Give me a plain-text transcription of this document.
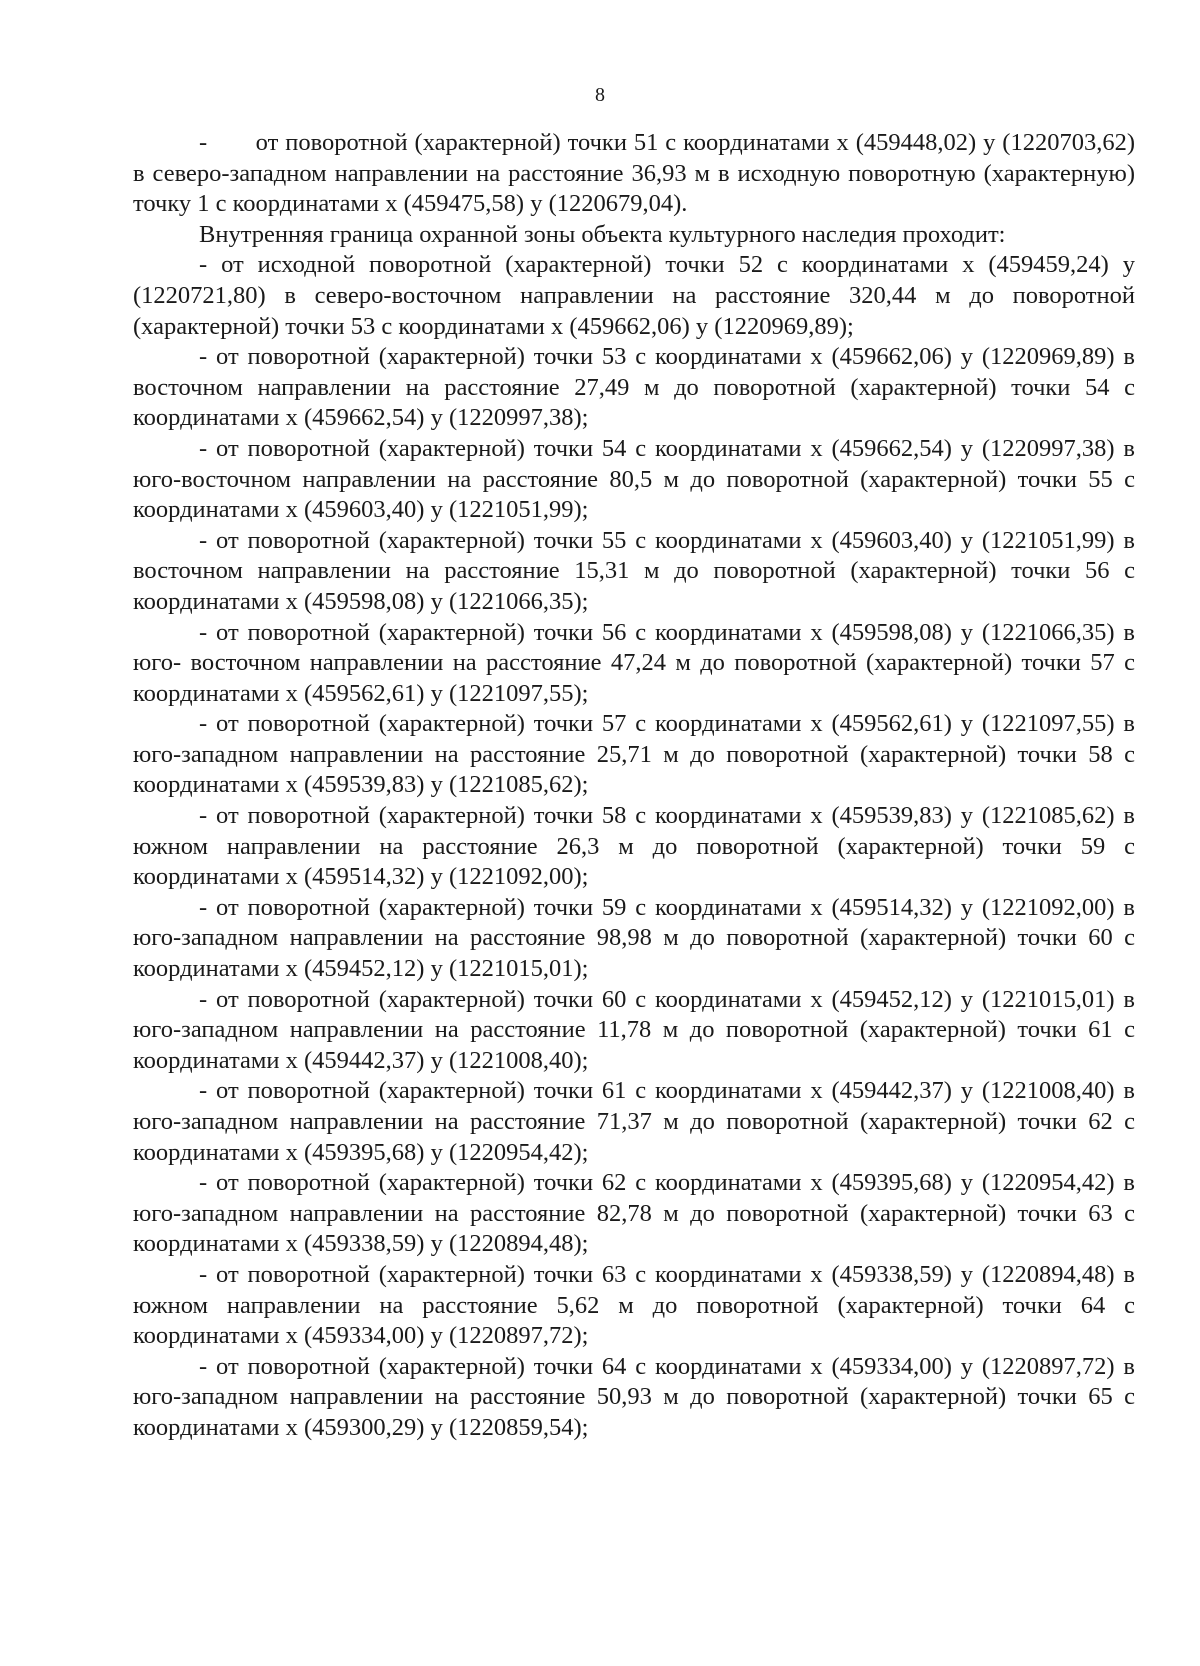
8

-       от поворотной (характерной) точки 51 с координатами х (459448,02) у (1220703,62) в северо-западном направлении на расстояние 36,93 м в исходную поворотную (характерную) точку 1 с координатами х (459475,58) у (1220679,04).

Внутренняя граница охранной зоны объекта культурного наследия проходит:

- от исходной поворотной (характерной) точки 52 с координатами х (459459,24) у (1220721,80) в северо-восточном направлении на расстояние 320,44 м до поворотной (характерной) точки 53 с координатами х (459662,06) у (1220969,89);

- от поворотной (характерной) точки 53 с координатами х (459662,06) у (1220969,89) в восточном направлении на расстояние 27,49 м до поворотной (характерной) точки 54 с координатами х (459662,54) у (1220997,38);

- от поворотной (характерной) точки 54 с координатами х (459662,54) у (1220997,38) в юго-восточном направлении на расстояние 80,5 м до поворотной (характерной) точки 55 с координатами х (459603,40) у (1221051,99);

- от поворотной (характерной) точки 55 с координатами х (459603,40) у (1221051,99) в восточном направлении на расстояние 15,31 м до поворотной (характерной) точки 56 с координатами х (459598,08) у (1221066,35);

- от поворотной (характерной) точки 56 с координатами х (459598,08) у (1221066,35) в юго- восточном направлении на расстояние 47,24 м до поворотной (характерной) точки 57 с координатами х (459562,61) у (1221097,55);

- от поворотной (характерной) точки 57 с координатами х (459562,61) у (1221097,55) в юго-западном направлении на расстояние 25,71 м до поворотной (характерной) точки 58 с координатами х (459539,83) у (1221085,62);

- от поворотной (характерной) точки 58 с координатами х (459539,83) у (1221085,62) в южном направлении на расстояние 26,3 м до поворотной (характерной) точки 59 с координатами х (459514,32) у (1221092,00);

- от поворотной (характерной) точки 59 с координатами х (459514,32) у (1221092,00) в юго-западном направлении на расстояние 98,98 м до поворотной (характерной) точки 60 с координатами х (459452,12) у (1221015,01);

- от поворотной (характерной) точки 60 с координатами х (459452,12) у (1221015,01) в юго-западном направлении на расстояние 11,78 м до поворотной (характерной) точки 61 с координатами х (459442,37) у (1221008,40);

- от поворотной (характерной) точки 61 с координатами х (459442,37) у (1221008,40) в юго-западном направлении на расстояние 71,37 м до поворотной (характерной) точки 62 с координатами х (459395,68) у (1220954,42);

- от поворотной (характерной) точки 62 с координатами х (459395,68) у (1220954,42) в юго-западном направлении на расстояние 82,78 м до поворотной (характерной) точки 63 с координатами х (459338,59) у (1220894,48);

- от поворотной (характерной) точки 63 с координатами х (459338,59) у (1220894,48) в южном направлении на расстояние 5,62 м до поворотной (характерной) точки 64 с координатами х (459334,00) у (1220897,72);

- от поворотной (характерной) точки 64 с координатами х (459334,00) у (1220897,72) в юго-западном направлении на расстояние 50,93 м до поворотной (характерной) точки 65 с координатами х (459300,29) у (1220859,54);
